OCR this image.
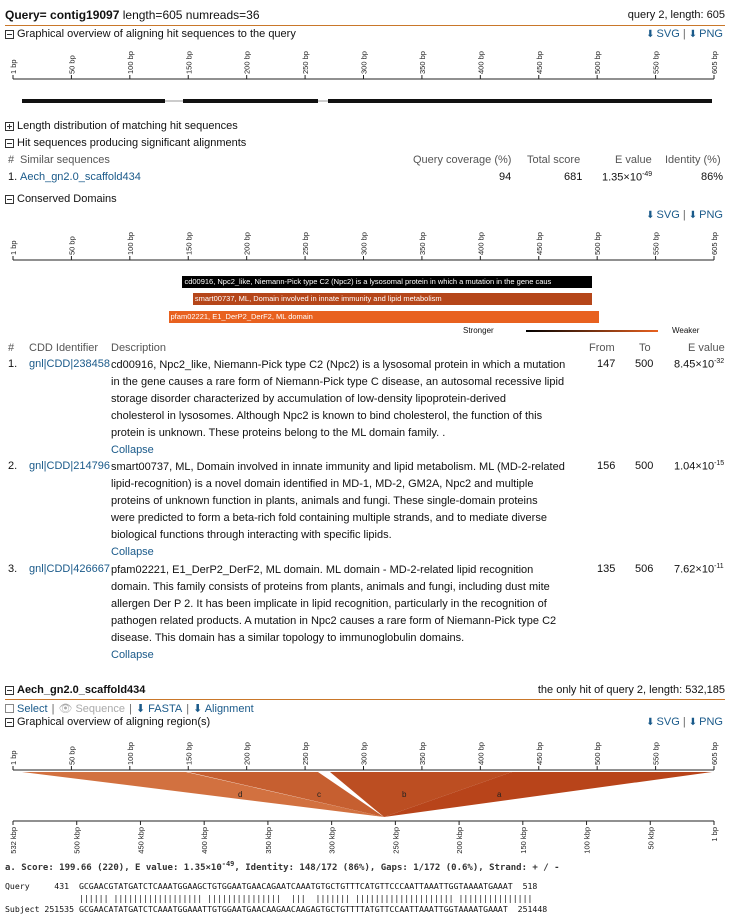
Query= contig19097 length=605 numreads=36	query 2, length: 605
Graphical overview of aligning hit sequences to the query	⬇ SVG | ⬇ PNG
1 bp	50 bp	100 bp	150 bp	200 bp	250 bp	300 bp	350 bp	400 bp	450 bp	500 bp	550 bp	605 bp
Length distribution of matching hit sequences
Hit sequences producing significant alignments
# Similar sequences	Query coverage (%) Total score	E value Identity (%)
1. Aech_gn2.0_scaffold434	94	681 $1.35\times 10^{-49}$	86%
Conserved Domains
⬇ SVG | ⬇ PNG
1 bp	50 bp	100 bp	150 bp	200 bp	250 bp	300 bp	350 bp	400 bp	450 bp	500 bp	550 bp	605 bp
cd00916, Npc2_like, Niemann-Pick type C2 (Npc2) is a lysosomal protein in which a mutation in the gene caus
smart00737, ML, Domain involved in innate immunity and lipid metabolism
pfam02221, E1_DerP2_DerF2, ML domain
Stronger	Weaker
# CDD Identifier Description	From To	E value
1. gnl|CDD|238458 cd00916, Npc2_like, Niemann-Pick type C2 (Npc2) is a lysosomal protein in which a mutation
in the gene causes a rare form of Niemann-Pick type C disease, an autosomal recessive lipid
storage disorder characterized by accumulation of low-density lipoprotein-derived
cholesterol in lysosomes. Although Npc2 is known to bind cholesterol, the function of this
protein is unknown. These proteins belong to the ML domain family. .
Collapse
147 500 $8.45\times 10^{-32}$
2. gnl|CDD|214796 smart00737, ML, Domain involved in innate immunity and lipid metabolism. ML (MD-2-related
lipid-recognition) is a novel domain identified in MD-1, MD-2, GM2A, Npc2 and multiple
proteins of unknown function in plants, animals and fungi. These single-domain proteins
were predicted to form a beta-rich fold containing multiple strands, and to mediate diverse
biological functions through interacting with specific lipids.
Collapse
156 500 $1.04\times 10^{-15}$
3. gnl|CDD|426667 pfam02221, E1_DerP2_DerF2, ML domain. ML domain - MD-2-related lipid recognition
domain. This family consists of proteins from plants, animals and fungi, including dust mite
allergen Der P 2. It has been implicate in lipid recognition, particularly in the recognition of
pathogen related products. A mutation in Npc2 causes a rare form of Niemann-Pick type C2
disease. This domain has a similar topology to immunoglobulin domains.
Collapse
135 506 $7.62\times 10^{-11}$
Aech_gn2.0_scaffold434	the only hit of query 2, length: 532,185
Select | 👁 Sequence | ⬇ FASTA | ⬇ Alignment
Graphical overview of aligning region(s)	⬇ SVG | ⬇ PNG
1 bp	50 bp	100 bp	150 bp	200 bp	250 bp	300 bp	350 bp	400 bp	450 bp	500 bp	550 bp	605 bp
d	c	b	a
532 kbp	500 kbp	450 kbp	400 kbp	350 kbp	300 kbp	250 kbp	200 kbp	150 kbp	100 kbp	50 kbp	1 bp
a. Score: 199.66 (220), E value: $1.35\times 10^{-49}$, Identity: 148/172 (86%), Gaps: 1/172 (0.6%), Strand: + / -
Query     431  GCGAACGTATGATCTCAAATGGAAGCTGTGGAATGAACAGAATCAAATGTGCTGTTTCATGTTCCCAATTAAATTGGTAAAATGAAAT  518
|||||| |||||||||||||||||| |||||||||||||||  |||  ||||||| |||||||||||||||||||| |||||||||||||||
Subject 251535 GCGAACATATGATCTCAAATGGAAATTGTGGAATGAACAAGAACAAGAGTGCTGTTTTATGTTCCAATTAAATTGGTAAAATGAAAT  251448
